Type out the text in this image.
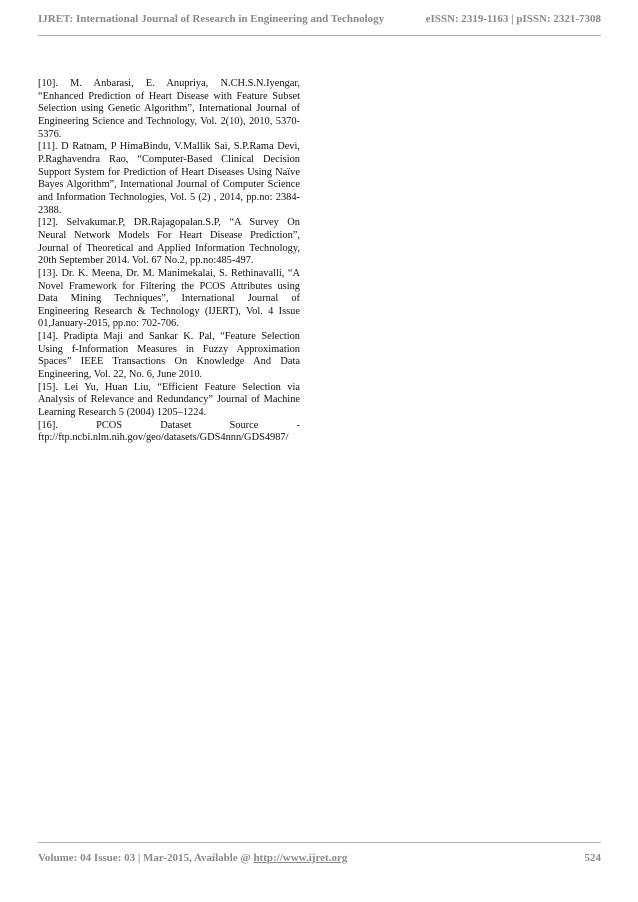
IJRET: International Journal of Research in Engineering and Technology	eISSN: 2319-1163 | pISSN: 2321-7308

[10]. M. Anbarasi, E. Anupriya, N.CH.S.N.Iyengar, “Enhanced Prediction of Heart Disease with Feature Subset Selection using Genetic Algorithm”, International Journal of Engineering Science and Technology, Vol. 2(10), 2010, 5370-5376.

[11]. D Ratnam, P HimaBindu, V.Mallik Sai, S.P.Rama Devi, P.Raghavendra Rao, “Computer-Based Clinical Decision Support System for Prediction of Heart Diseases Using Naïve Bayes Algorithm”, International Journal of Computer Science and Information Technologies, Vol. 5 (2) , 2014, pp.no: 2384-2388.

[12]. Selvakumar.P, DR.Rajagopalan.S.P, “A Survey On Neural Network Models For Heart Disease Prediction”, Journal of Theoretical and Applied Information Technology, 20th September 2014. Vol. 67 No.2, pp.no:485-497.

[13]. Dr. K. Meena, Dr. M. Manimekalai, S. Rethinavalli, “A Novel Framework for Filtering the PCOS Attributes using Data Mining Techniques”, International Journal of Engineering Research & Technology (IJERT), Vol. 4 Issue 01,January-2015, pp.no: 702-706.

[14]. Pradipta Maji and Sankar K. Pal, “Feature Selection Using f-Information Measures in Fuzzy Approximation Spaces” IEEE Transactions On Knowledge And Data Engineering, Vol. 22, No. 6, June 2010.

[15]. Lei Yu, Huan Liu, “Efficient Feature Selection via Analysis of Relevance and Redundancy” Journal of Machine Learning Research 5 (2004) 1205–1224.

[16].	PCOS	Dataset	Source	-
ftp://ftp.ncbi.nlm.nih.gov/geo/datasets/GDS4nnn/GDS4987/
Volume: 04 Issue: 03 | Mar-2015, Available @ http://www.ijret.org	524
